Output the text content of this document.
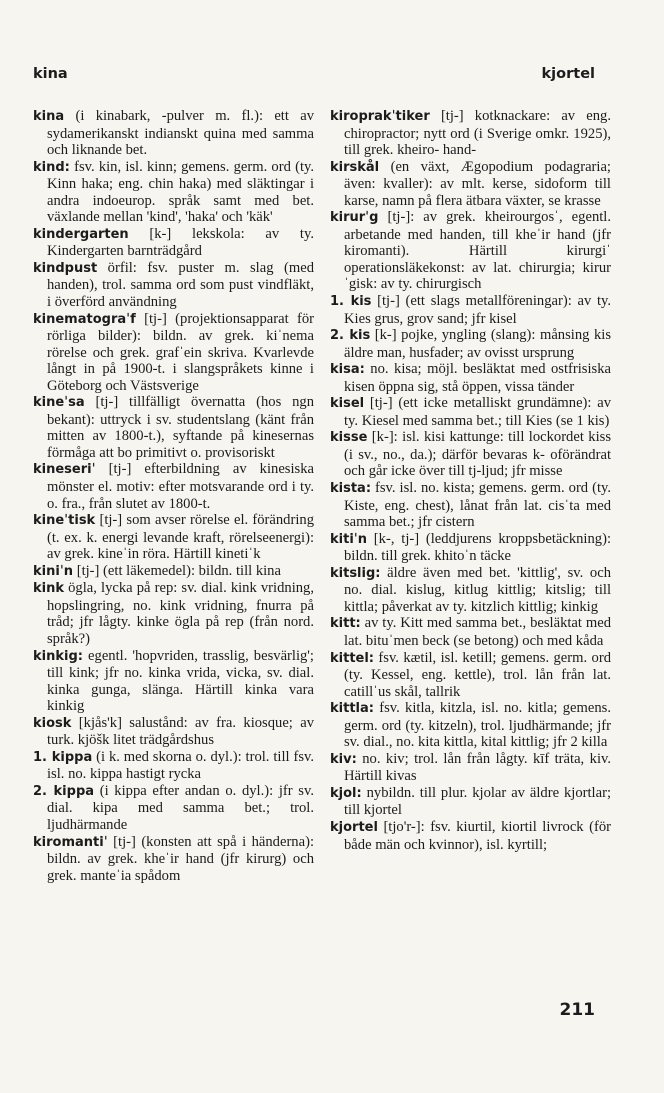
kina	kjortel

kina (i kinabark, -pulver m. fl.): ett av sydamerikanskt indianskt quina med samma och liknande bet.

kind: fsv. kin, isl. kinn; gemens. germ. ord (ty. Kinn haka; eng. chin haka) med släktingar i andra indoeurop. språk samt med bet. växlande mellan 'kind', 'haka' och 'käk'

kindergarten [k-] lekskola: av ty. Kindergarten barnträdgård

kindpust örfil: fsv. puster m. slag (med handen), trol. samma ord som pust vindfläkt, i överförd användning

kinematograˈf [tj-] (projektionsapparat för rörliga bilder): bildn. av grek. kiˈnema rörelse och grek. grafˈein skriva. Kvarlevde långt in på 1900-t. i slangspråkets kinne i Göteborg och Västsverige

kineˈsa [tj-] tillfälligt övernatta (hos ngn bekant): uttryck i sv. studentslang (känt från mitten av 1800-t.), syftande på kinesernas förmåga att bo primitivt o. provisoriskt

kineseriˈ [tj-] efterbildning av kinesiska mönster el. motiv: efter motsvarande ord i ty. o. fra., från slutet av 1800-t.

kineˈtisk [tj-] som avser rörelse el. förändring (t. ex. k. energi levande kraft, rörelseenergi): av grek. kineˈin röra. Härtill kinetiˈk

kiniˈn [tj-] (ett läkemedel): bildn. till kina

kink ögla, lycka på rep: sv. dial. kink vridning, hopslingring, no. kink vridning, fnurra på tråd; jfr lågty. kinke ögla på rep (från nord. språk?)

kinkig: egentl. 'hopvriden, trasslig, besvärlig'; till kink; jfr no. kinka vrida, vicka, sv. dial. kinka gunga, slänga. Härtill kinka vara kinkig

kiosk [kjås'k] salustånd: av fra. kiosque; av turk. kjöšk litet trädgårdshus

1. kippa (i k. med skorna o. dyl.): trol. till fsv. isl. no. kippa hastigt rycka

2. kippa (i kippa efter andan o. dyl.): jfr sv. dial. kipa med samma bet.; trol. ljudhärmande

kiromantiˈ [tj-] (konsten att spå i händerna): bildn. av grek. kheˈir hand (jfr kirurg) och grek. manteˈia spådom

kiroprakˈtiker [tj-] kotknackare: av eng. chiropractor; nytt ord (i Sverige omkr. 1925), till grek. kheiro- hand-

kirskål (en växt, Ægopodium podagraria; även: kvaller): av mlt. kerse, sidoform till karse, namn på flera ätbara växter, se krasse

kirurˈg [tj-]: av grek. kheirourgosˈ, egentl. arbetande med handen, till kheˈir hand (jfr kiromanti). Härtill kirurgiˈ operationsläkekonst: av lat. chirurgia; kirurˈgisk: av ty. chirurgisch

1. kis [tj-] (ett slags metallföreningar): av ty. Kies grus, grov sand; jfr kisel

2. kis [k-] pojke, yngling (slang): månsing kis äldre man, husfader; av ovisst ursprung

kisa: no. kisa; möjl. besläktat med ostfrisiska kisen öppna sig, stå öppen, vissa tänder

kisel [tj-] (ett icke metalliskt grundämne): av ty. Kiesel med samma bet.; till Kies (se 1 kis)

kisse [k-]: isl. kisi kattunge: till lockordet kiss (i sv., no., da.); därför bevaras k- oförändrat och går icke över till tj-ljud; jfr misse

kista: fsv. isl. no. kista; gemens. germ. ord (ty. Kiste, eng. chest), lånat från lat. cisˈta med samma bet.; jfr cistern

kitiˈn [k-, tj-] (leddjurens kroppsbetäckning): bildn. till grek. khitoˈn täcke

kitslig: äldre även med bet. 'kittlig', sv. och no. dial. kislug, kitlug kittlig; kitslig; till kittla; påverkat av ty. kitzlich kittlig; kinkig

kitt: av ty. Kitt med samma bet., besläktat med lat. bituˈmen beck (se betong) och med kåda

kittel: fsv. kætil, isl. ketill; gemens. germ. ord (ty. Kessel, eng. kettle), trol. lån från lat. catillˈus skål, tallrik

kittla: fsv. kitla, kitzla, isl. no. kitla; gemens. germ. ord (ty. kitzeln), trol. ljudhärmande; jfr sv. dial., no. kita kittla, kital kittlig; jfr 2 killa

kiv: no. kiv; trol. lån från lågty. kīf träta, kiv. Härtill kivas

kjol: nybildn. till plur. kjolar av äldre kjortlar; till kjortel

kjortel [tjo'r-]: fsv. kiurtil, kiortil livrock (för både män och kvinnor), isl. kyrtill;

211
